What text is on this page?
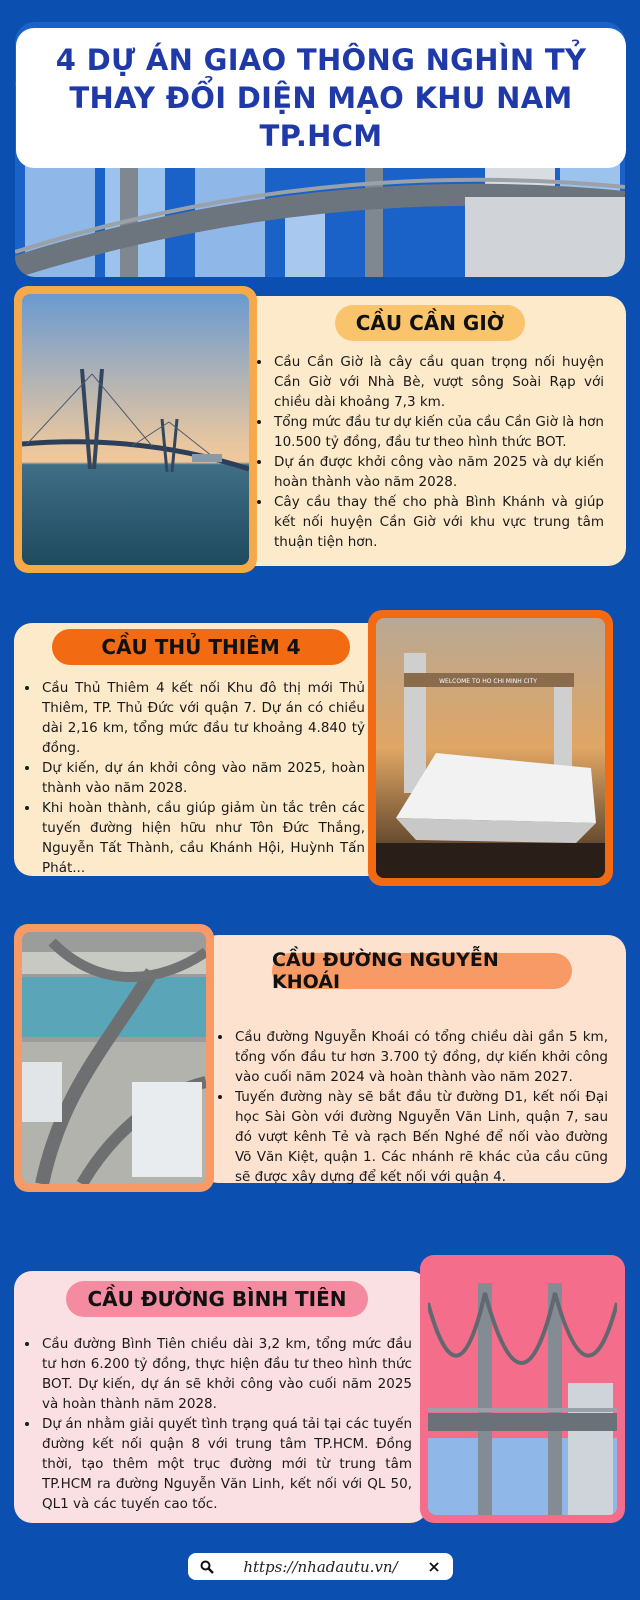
4 DỰ ÁN GIAO THÔNG NGHÌN TỶ THAY ĐỔI DIỆN MẠO KHU NAM TP.HCM
CẦU CẦN GIỜ
• Cầu Cần Giờ là cây cầu quan trọng nối huyện Cần Giờ với Nhà Bè, vượt sông Soài Rạp với chiều dài khoảng 7,3 km.
• Tổng mức đầu tư dự kiến của cầu Cần Giờ là hơn 10.500 tỷ đồng, đầu tư theo hình thức BOT.
• Dự án được khởi công vào năm 2025 và dự kiến hoàn thành vào năm 2028.
• Cây cầu thay thế cho phà Bình Khánh và giúp kết nối huyện Cần Giờ với khu vực trung tâm thuận tiện hơn.
CẦU THỦ THIÊM 4
• Cầu Thủ Thiêm 4 kết nối Khu đô thị mới Thủ Thiêm, TP. Thủ Đức với quận 7. Dự án có chiều dài 2,16 km, tổng mức đầu tư khoảng 4.840 tỷ đồng.
• Dự kiến, dự án khởi công vào năm 2025, hoàn thành vào năm 2028.
• Khi hoàn thành, cầu giúp giảm ùn tắc trên các tuyến đường hiện hữu như Tôn Đức Thắng, Nguyễn Tất Thành, cầu Khánh Hội, Huỳnh Tấn Phát...
WELCOME TO HO CHI MINH CITY
CẦU ĐƯỜNG NGUYỄN KHOÁI
• Cầu đường Nguyễn Khoái có tổng chiều dài gần 5 km, tổng vốn đầu tư hơn 3.700 tỷ đồng, dự kiến khởi công vào cuối năm 2024 và hoàn thành vào năm 2027.
• Tuyến đường này sẽ bắt đầu từ đường D1, kết nối Đại học Sài Gòn với đường Nguyễn Văn Linh, quận 7, sau đó vượt kênh Tẻ và rạch Bến Nghé để nối vào đường Võ Văn Kiệt, quận 1. Các nhánh rẽ khác của cầu cũng sẽ được xây dựng để kết nối với quận 4.
CẦU ĐƯỜNG BÌNH TIÊN
• Cầu đường Bình Tiên chiều dài 3,2 km, tổng mức đầu tư hơn 6.200 tỷ đồng, thực hiện đầu tư theo hình thức BOT. Dự kiến, dự án sẽ khởi công vào cuối năm 2025 và hoàn thành năm 2028.
• Dự án nhằm giải quyết tình trạng quá tải tại các tuyến đường kết nối quận 8 với trung tâm TP.HCM. Đồng thời, tạo thêm một trục đường mới từ trung tâm TP.HCM ra đường Nguyễn Văn Linh, kết nối với QL 50, QL1 và các tuyến cao tốc.
https://nhadautu.vn/
